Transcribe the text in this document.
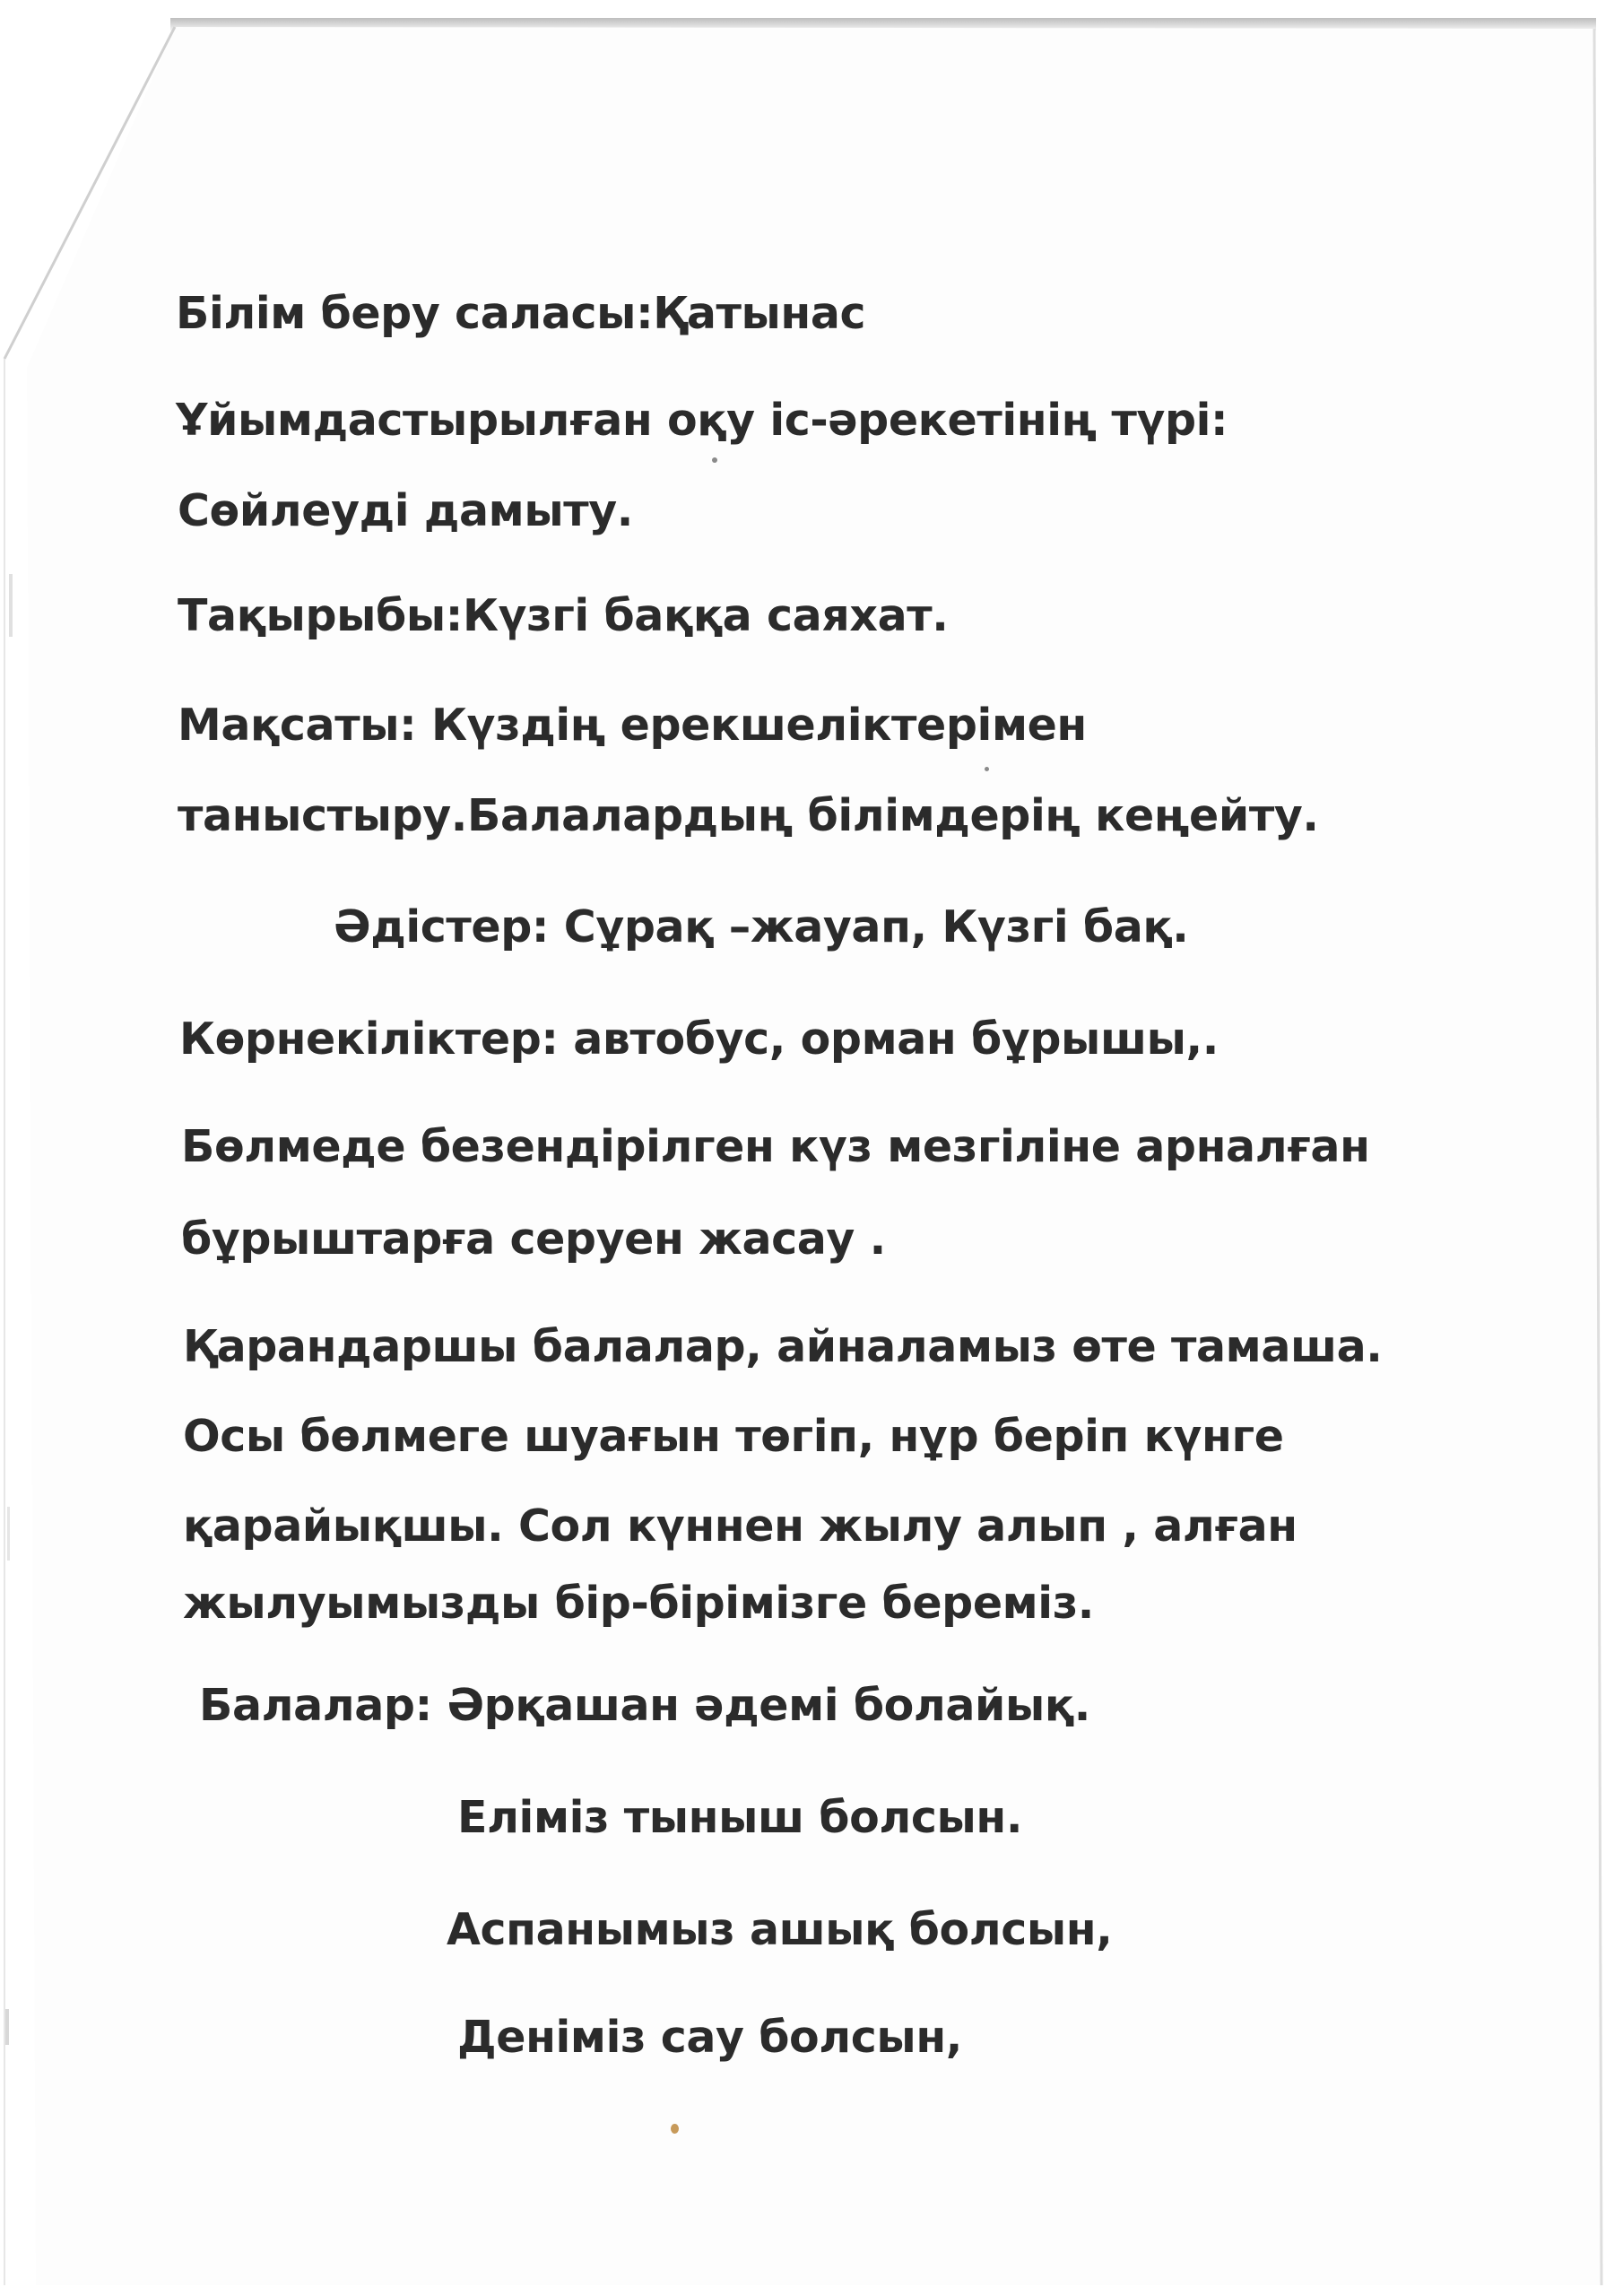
Білім беру саласы:Қатынас

Ұйымдастырылған оқу іс-әрекетінің түрі:

Сөйлеуді дамыту.

Тақырыбы:Күзгі баққа саяхат.

Мақсаты: Күздің ерекшеліктерімен

таныстыру.Балалардың білімдерің кеңейту.

Әдістер: Сұрақ –жауап, Күзгі бақ.

Көрнекіліктер: автобус, орман бұрышы,.

Бөлмеде безендірілген күз мезгіліне арналған

бұрыштарға серуен жасау .

Қарандаршы балалар, айналамыз өте тамаша.

Осы бөлмеге шуағын төгіп, нұр беріп күнге

қарайықшы. Сол күннен жылу алып , алған

жылуымызды бір-бірімізге береміз.

Балалар: Әрқашан әдемі болайық.

Еліміз тыныш болсын.

Аспанымыз ашық болсын,

Деніміз сау болсын,
